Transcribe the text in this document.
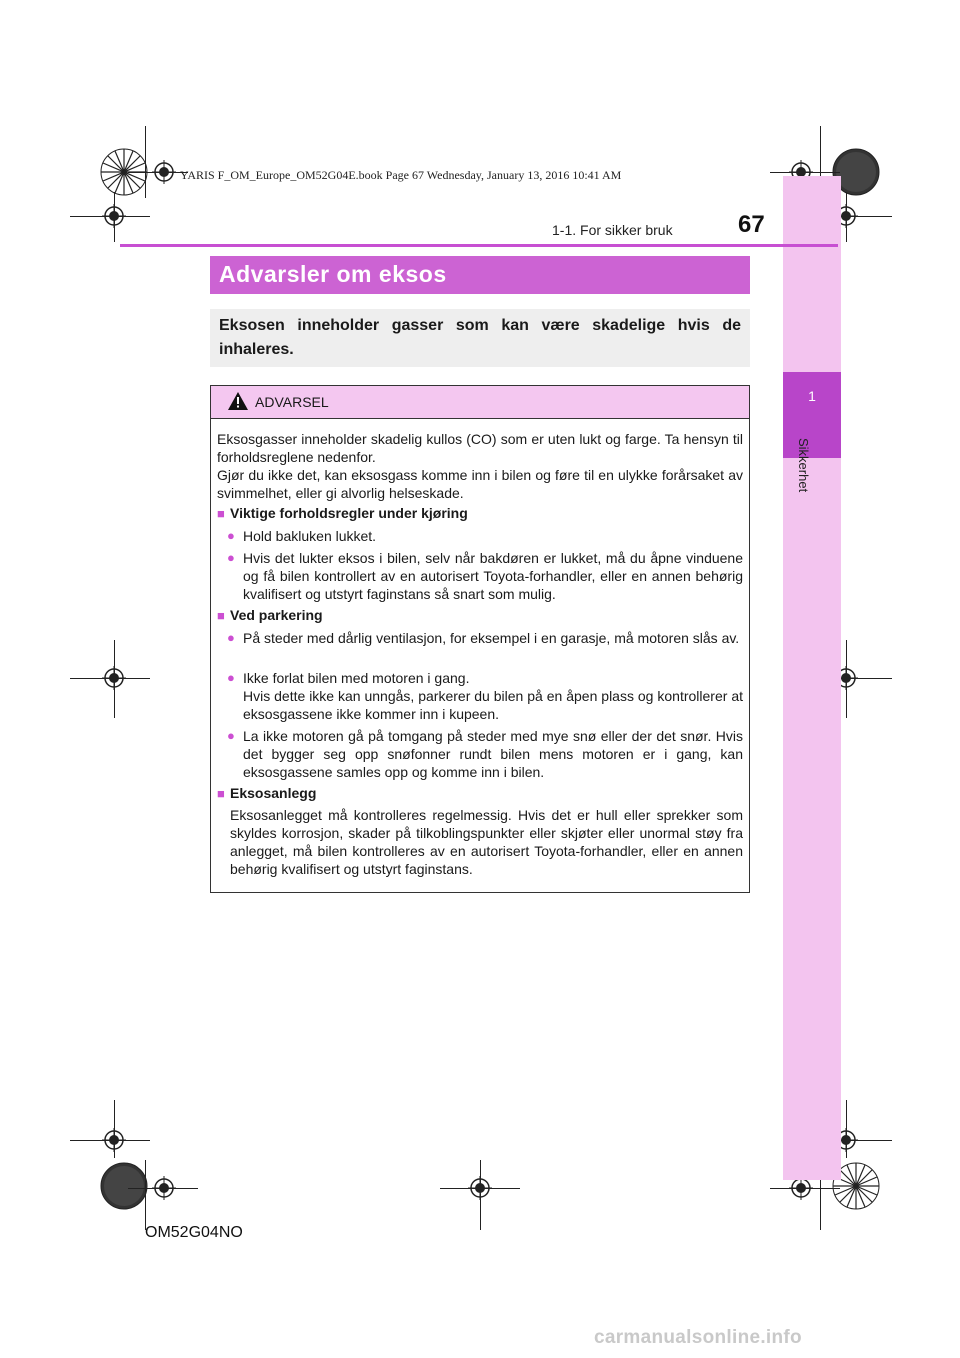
YARIS F_OM_Europe_OM52G04E.book Page 67 Wednesday, January 13, 2016 10:41 AM
1
Sikkerhet
1-1. For sikker bruk	67
Advarsler om eksos

Eksosen inneholder gasser som kan være skadelige hvis de inhaleres.

ADVARSEL

Eksosgasser inneholder skadelig kullos (CO) som er uten lukt og farge. Ta hensyn til forholdsreglene nedenfor.

Gjør du ikke det, kan eksosgass komme inn i bilen og føre til en ulykke forårsaket av svimmelhet, eller gi alvorlig helseskade.

■ Viktige forholdsregler under kjøring
● Hold bakluken lukket.

● Hvis det lukter eksos i bilen, selv når bakdøren er lukket, må du åpne vinduene og få bilen kontrollert av en autorisert Toyota-forhandler, eller en annen behørig kvalifisert og utstyrt faginstans så snart som mulig.

■ Ved parkering
● På steder med dårlig ventilasjon, for eksempel i en garasje, må motoren slås av.

● Ikke forlat bilen med motoren i gang.

Hvis dette ikke kan unngås, parkerer du bilen på en åpen plass og kontrollerer at eksosgassene ikke kommer inn i kupeen.

● La ikke motoren gå på tomgang på steder med mye snø eller der det snør. Hvis det bygger seg opp snøfonner rundt bilen mens motoren er i gang, kan eksosgassene samles opp og komme inn i bilen.

■ Eksosanlegg

Eksosanlegget må kontrolleres regelmessig. Hvis det er hull eller sprekker som skyldes korrosjon, skader på tilkoblingspunkter eller skjøter eller unormal støy fra anlegget, må bilen kontrolleres av en autorisert Toyota-forhandler, eller en annen behørig kvalifisert og utstyrt faginstans.

OM52G04NO
carmanualsonline.info
